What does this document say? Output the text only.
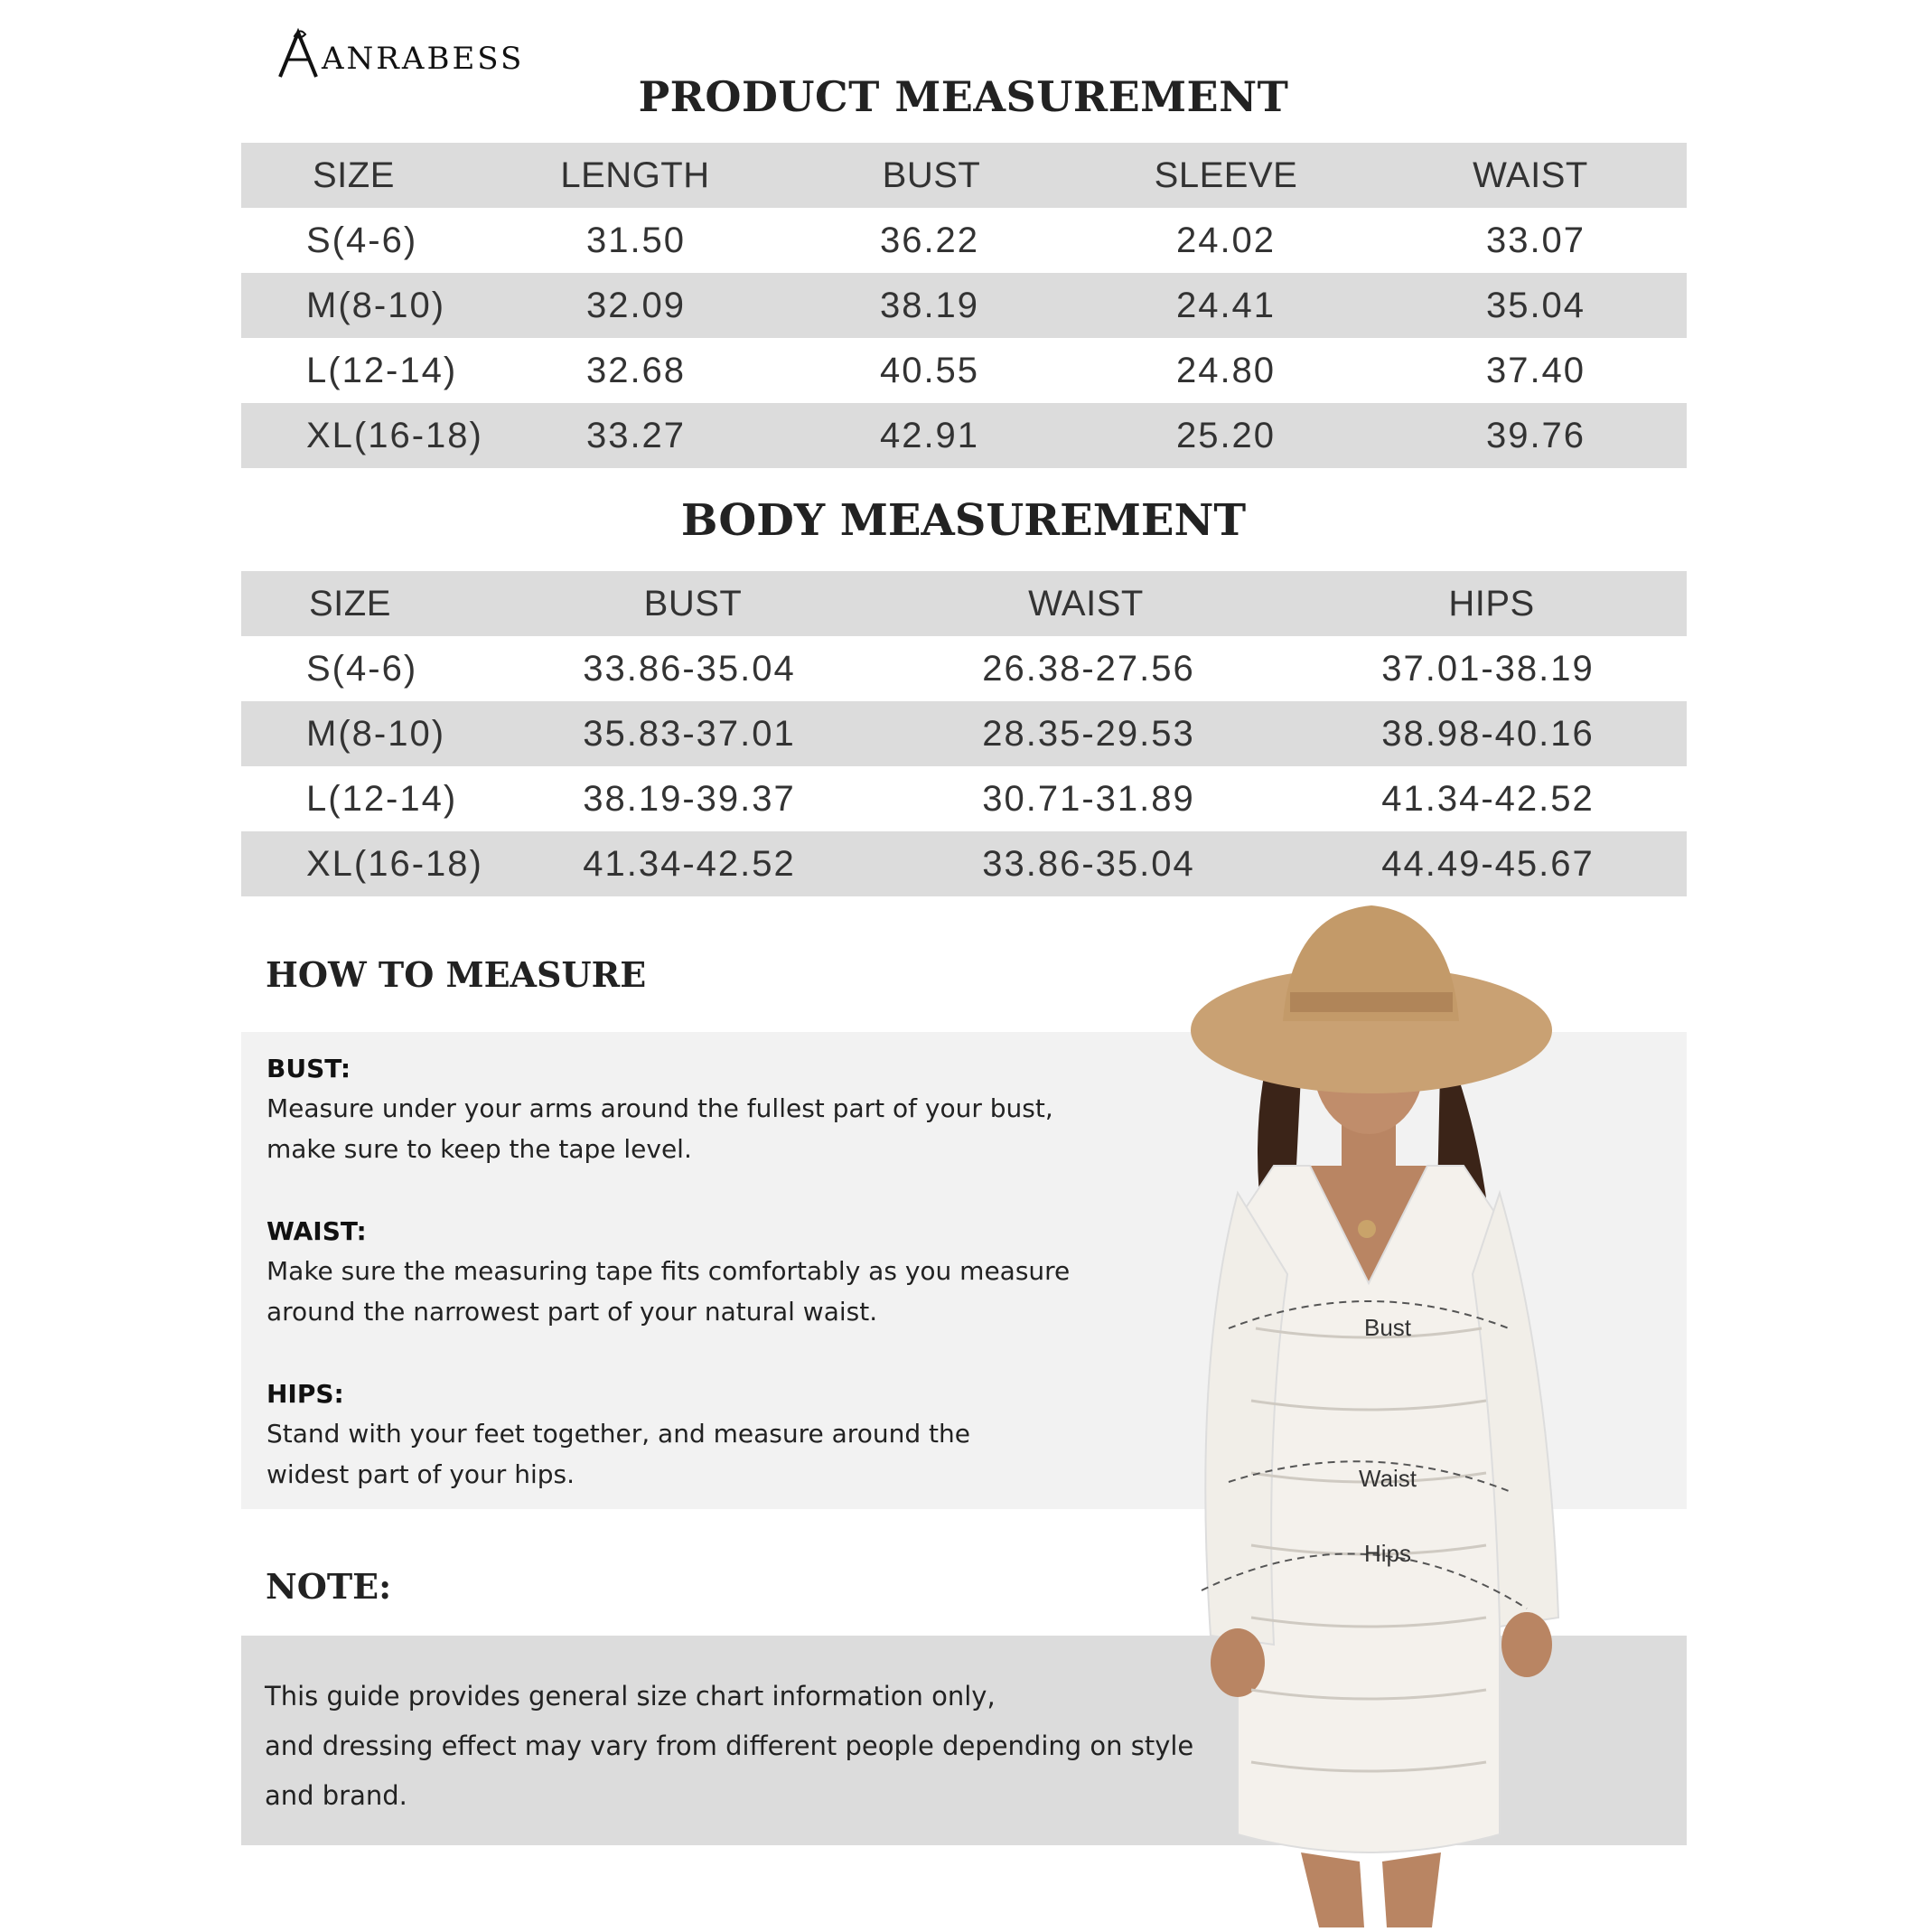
ANRABESS
PRODUCT MEASUREMENT
SIZE	LENGTH	BUST	SLEEVE	WAIST
S(4-6)	31.50	36.22	24.02	33.07
M(8-10)	32.09	38.19	24.41	35.04
L(12-14)	32.68	40.55	24.80	37.40
XL(16-18)	33.27	42.91	25.20	39.76
BODY MEASUREMENT
SIZE	BUST	WAIST	HIPS
S(4-6)	33.86-35.04	26.38-27.56	37.01-38.19
M(8-10)	35.83-37.01	28.35-29.53	38.98-40.16
L(12-14)	38.19-39.37	30.71-31.89	41.34-42.52
XL(16-18)	41.34-42.52	33.86-35.04	44.49-45.67
HOW TO MEASURE
BUST:
Measure under your arms around the fullest part of your bust,
make sure to keep the tape level.
WAIST:
Make sure the measuring tape fits comfortably as you measure
around the narrowest part of your natural waist.
HIPS:
Stand with your feet together, and measure around the
widest part of your hips.
NOTE:
This guide provides general size chart information only,
and dressing effect may vary from different people depending on style
and brand.
Bust
Waist
Hips
